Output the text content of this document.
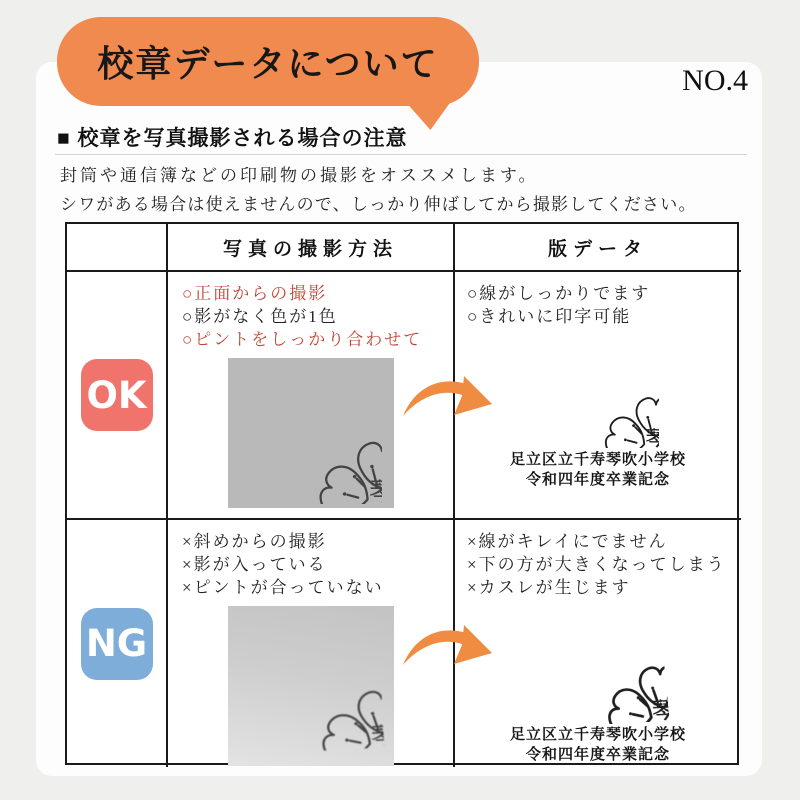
校章データについて	NO.4
■ 校章を写真撮影される場合の注意
封筒や通信簿などの印刷物の撮影をオススメします。
シワがある場合は使えませんので、しっかり伸ばしてから撮影してください。
写真の撮影方法	版データ
OK
○正面からの撮影
○影がなく色が1色
○ピントをしっかり合わせて
○線がしっかりでます
○きれいに印字可能
足立区立千寿琴吹小学校
令和四年度卒業記念
NG
×斜めからの撮影
×影が入っている
×ピントが合っていない
×線がキレイにでません
×下の方が大きくなってしまう
×カスレが生じます
足立区立千寿琴吹小学校
令和四年度卒業記念
